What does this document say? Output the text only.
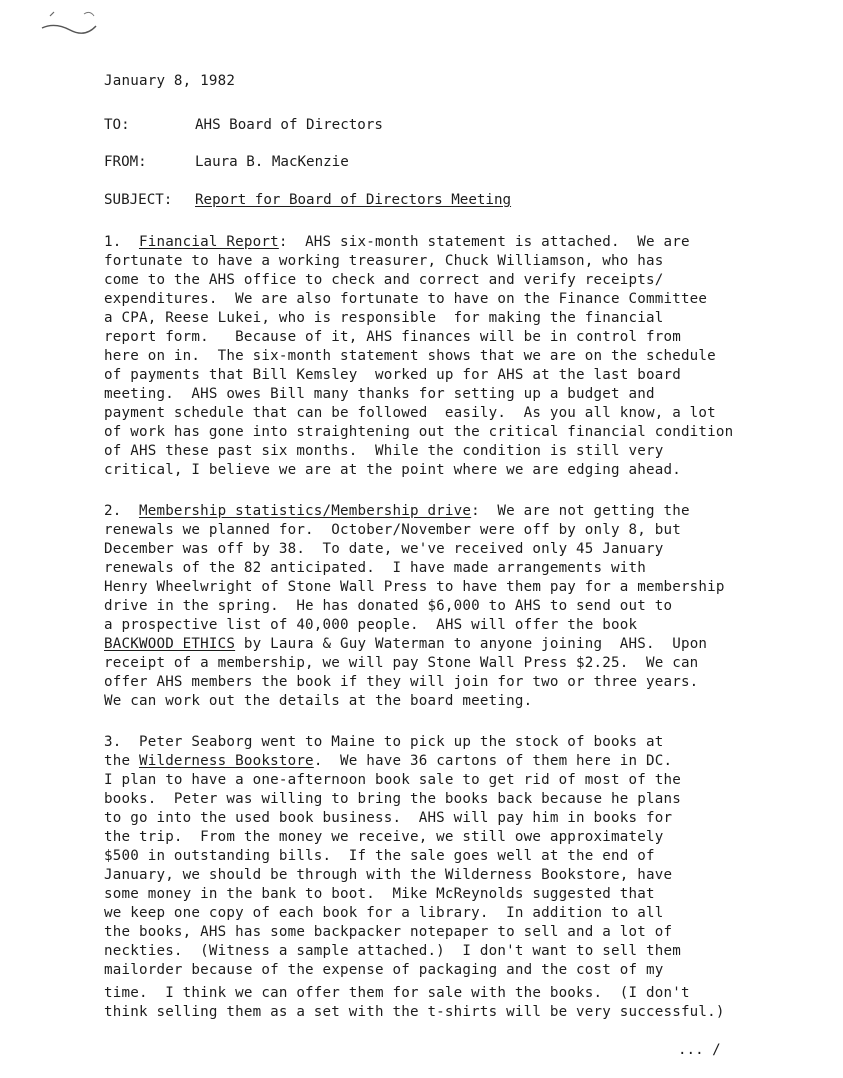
January 8, 1982
TO:	AHS Board of Directors
FROM:	Laura B. MacKenzie
SUBJECT: Report for Board of Directors Meeting
1. Financial Report:  AHS six-month statement is attached.  We are
fortunate to have a working treasurer, Chuck Williamson, who has
come to the AHS office to check and correct and verify receipts/
expenditures.  We are also fortunate to have on the Finance Committee
a CPA, Reese Lukei, who is responsible  for making the financial
report form.   Because of it, AHS finances will be in control from
here on in.  The six-month statement shows that we are on the schedule
of payments that Bill Kemsley  worked up for AHS at the last board
meeting.  AHS owes Bill many thanks for setting up a budget and
payment schedule that can be followed  easily.  As you all know, a lot
of work has gone into straightening out the critical financial condition
of AHS these past six months.  While the condition is still very
critical, I believe we are at the point where we are edging ahead.
2. Membership statistics/Membership drive:  We are not getting the
renewals we planned for.  October/November were off by only 8, but
December was off by 38.  To date, we've received only 45 January
renewals of the 82 anticipated.  I have made arrangements with
Henry Wheelwright of Stone Wall Press to have them pay for a membership
drive in the spring.  He has donated $6,000 to AHS to send out to
a prospective list of 40,000 people.  AHS will offer the book
BACKWOOD ETHICS by Laura & Guy Waterman to anyone joining  AHS.  Upon
receipt of a membership, we will pay Stone Wall Press $2.25.  We can
offer AHS members the book if they will join for two or three years.
We can work out the details at the board meeting.
3.  Peter Seaborg went to Maine to pick up the stock of books at
the Wilderness Bookstore.  We have 36 cartons of them here in DC.
I plan to have a one-afternoon book sale to get rid of most of the
books.  Peter was willing to bring the books back because he plans
to go into the used book business.  AHS will pay him in books for
the trip.  From the money we receive, we still owe approximately
$500 in outstanding bills.  If the sale goes well at the end of
January, we should be through with the Wilderness Bookstore, have
some money in the bank to boot.  Mike McReynolds suggested that
we keep one copy of each book for a library.  In addition to all
the books, AHS has some backpacker notepaper to sell and a lot of
neckties.  (Witness a sample attached.)  I don't want to sell them
mailorder because of the expense of packaging and the cost of my
time.  I think we can offer them for sale with the books.  (I don't
think selling them as a set with the t-shirts will be very successful.)
... /
